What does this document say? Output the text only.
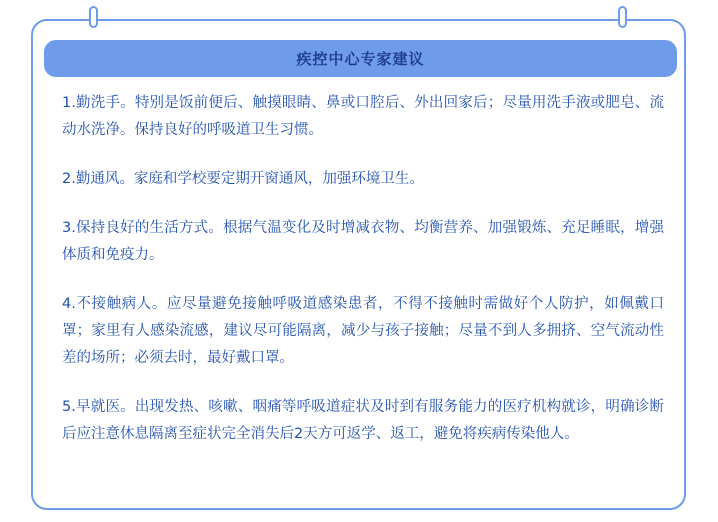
疾控中心专家建议
1.勤洗手。特别是饭前便后、触摸眼睛、鼻或口腔后、外出回家后；尽量用洗手液或肥皂、流动水洗净。保持良好的呼吸道卫生习惯。
2.勤通风。家庭和学校要定期开窗通风，加强环境卫生。
3.保持良好的生活方式。根据气温变化及时增减衣物、均衡营养、加强锻炼、充足睡眠，增强体质和免疫力。
4.不接触病人。应尽量避免接触呼吸道感染患者，不得不接触时需做好个人防护，如佩戴口罩；家里有人感染流感，建议尽可能隔离，减少与孩子接触；尽量不到人多拥挤、空气流动性差的场所；必须去时，最好戴口罩。
5.早就医。出现发热、咳嗽、咽痛等呼吸道症状及时到有服务能力的医疗机构就诊，明确诊断后应注意休息隔离至症状完全消失后2天方可返学、返工，避免将疾病传染他人。
